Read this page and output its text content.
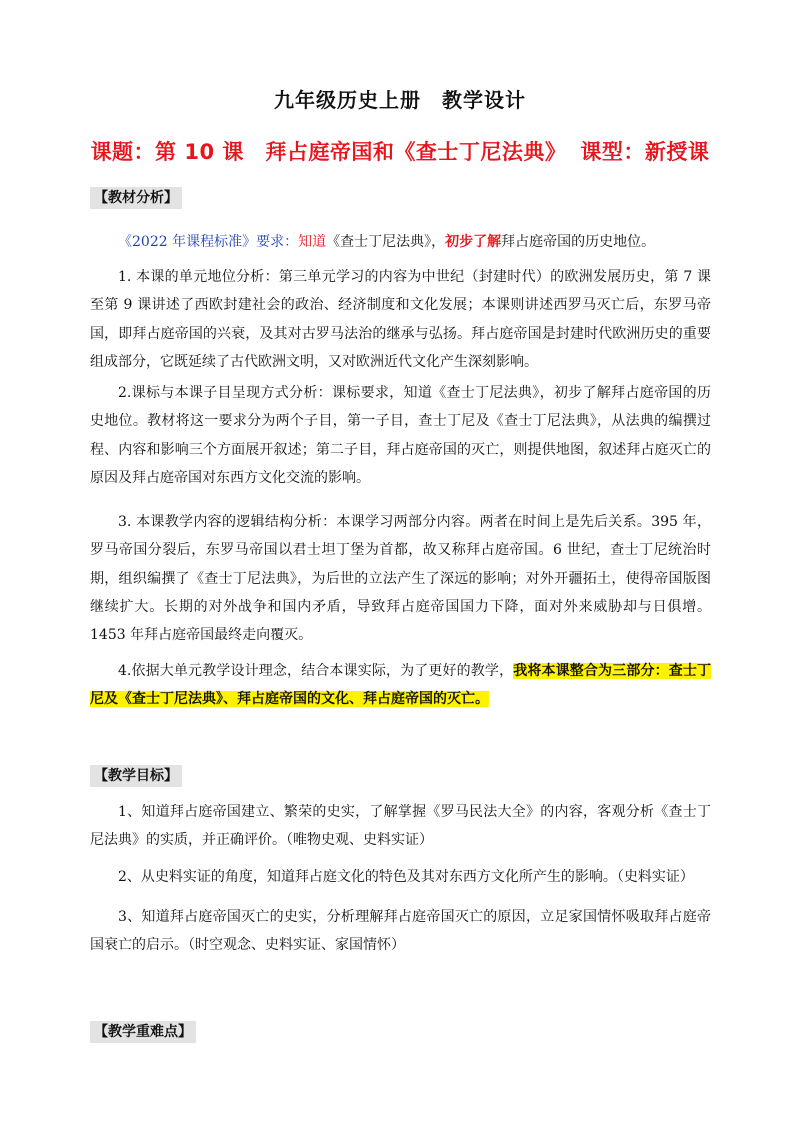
九年级历史上册　教学设计
课题：第 10 课　拜占庭帝国和《查士丁尼法典》 课型：新授课
【教材分析】
《2022 年课程标准》要求：知道《查士丁尼法典》，初步了解拜占庭帝国的历史地位。
1. 本课的单元地位分析：第三单元学习的内容为中世纪（封建时代）的欧洲发展历史，第 7 课至第 9 课讲述了西欧封建社会的政治、经济制度和文化发展；本课则讲述西罗马灭亡后，东罗马帝国，即拜占庭帝国的兴衰，及其对古罗马法治的继承与弘扬。拜占庭帝国是封建时代欧洲历史的重要组成部分，它既延续了古代欧洲文明，又对欧洲近代文化产生深刻影响。
2.课标与本课子目呈现方式分析：课标要求，知道《查士丁尼法典》，初步了解拜占庭帝国的历史地位。教材将这一要求分为两个子目，第一子目，查士丁尼及《查士丁尼法典》，从法典的编撰过程、内容和影响三个方面展开叙述；第二子目，拜占庭帝国的灭亡，则提供地图，叙述拜占庭灭亡的原因及拜占庭帝国对东西方文化交流的影响。
3. 本课教学内容的逻辑结构分析：本课学习两部分内容。两者在时间上是先后关系。395 年，罗马帝国分裂后，东罗马帝国以君士坦丁堡为首都，故又称拜占庭帝国。6 世纪，查士丁尼统治时期，组织编撰了《查士丁尼法典》，为后世的立法产生了深远的影响；对外开疆拓土，使得帝国版图继续扩大。长期的对外战争和国内矛盾，导致拜占庭帝国国力下降，面对外来威胁却与日俱增。1453 年拜占庭帝国最终走向覆灭。
4.依据大单元教学设计理念，结合本课实际，为了更好的教学，我将本课整合为三部分：查士丁尼及《查士丁尼法典》、拜占庭帝国的文化、拜占庭帝国的灭亡。
【教学目标】
1、知道拜占庭帝国建立、繁荣的史实，了解掌握《罗马民法大全》的内容，客观分析《查士丁尼法典》的实质，并正确评价。（唯物史观、史料实证）
2、从史料实证的角度，知道拜占庭文化的特色及其对东西方文化所产生的影响。（史料实证）
3、知道拜占庭帝国灭亡的史实，分析理解拜占庭帝国灭亡的原因，立足家国情怀吸取拜占庭帝国衰亡的启示。（时空观念、史料实证、家国情怀）
【教学重难点】
